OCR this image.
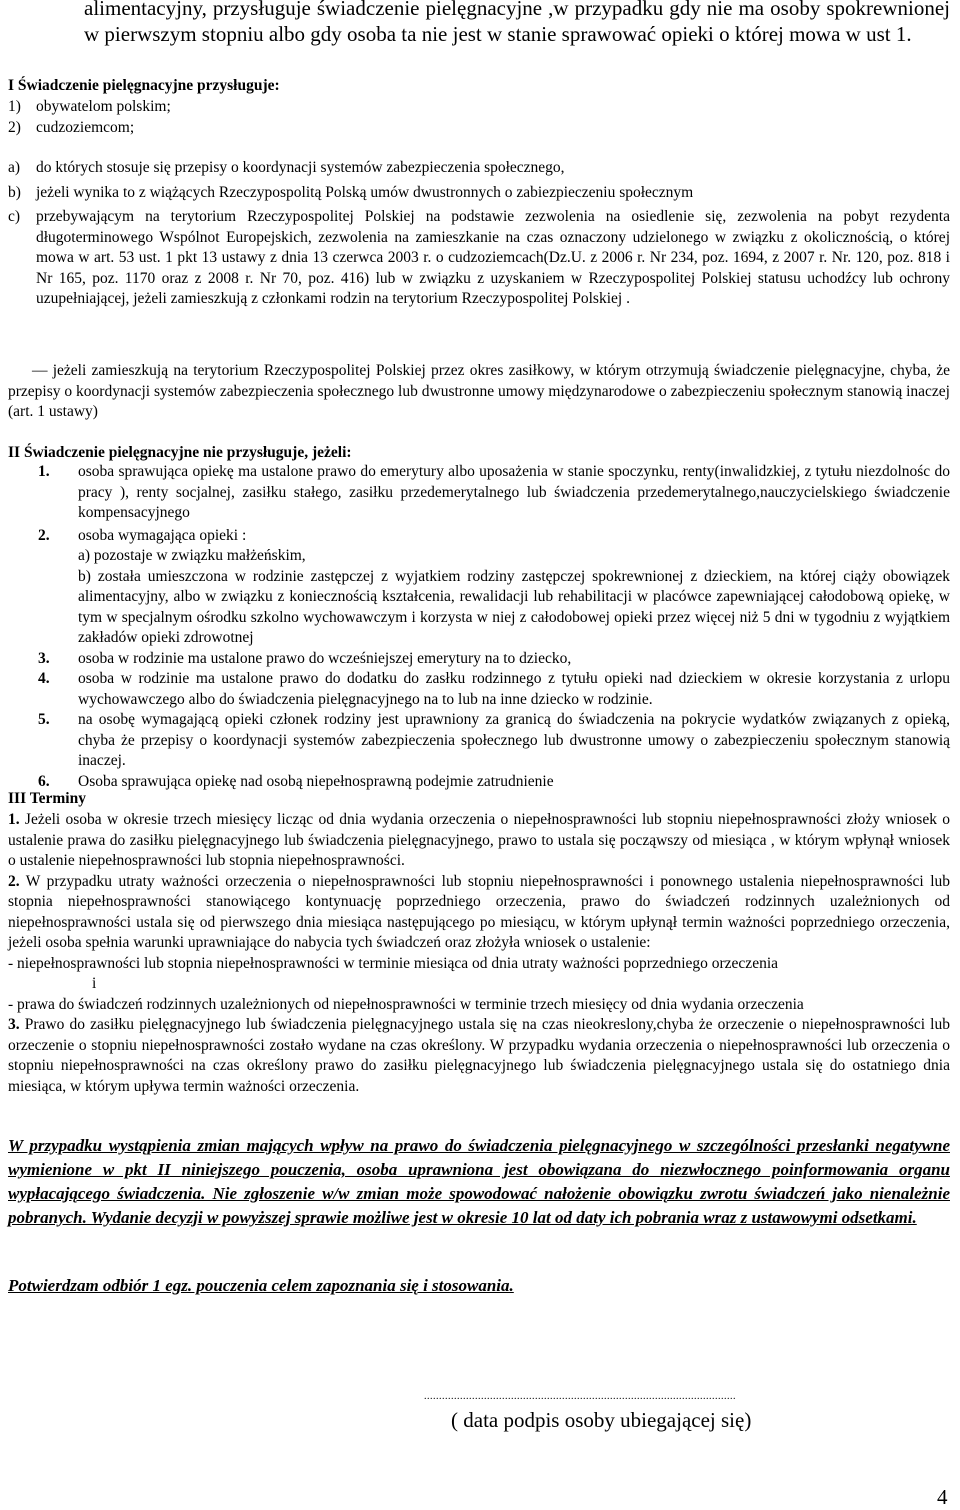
alimentacyjny, przysługuje świadczenie pielęgnacyjne ,w przypadku gdy nie ma osoby spokrewnionej w pierwszym stopniu albo gdy osoba ta nie jest w stanie sprawować opieki o której mowa w ust 1.
I Świadczenie pielęgnacyjne przysługuje:
1) obywatelom polskim;
2) cudzoziemcom;
a)	do których stosuje się przepisy o koordynacji systemów zabezpieczenia społecznego,
b) jeżeli wynika to z wiążących Rzeczypospolitą Polską umów dwustronnych o zabiezpieczeniu społecznym
c)	przebywającym na terytorium Rzeczypospolitej Polskiej na podstawie zezwolenia na osiedlenie się, zezwolenia na pobyt rezydenta długoterminowego Wspólnot Europejskich, zezwolenia na zamieszkanie na czas oznaczony udzielonego w związku z okolicznością, o której mowa w art. 53 ust. 1 pkt 13 ustawy z dnia 13 czerwca 2003 r. o cudzoziemcach(Dz.U. z 2006 r. Nr 234, poz. 1694, z 2007 r. Nr. 120, poz. 818 i Nr 165, poz. 1170 oraz z 2008 r. Nr 70, poz. 416) lub w związku z uzyskaniem w Rzeczypospolitej Polskiej statusu uchodźcy lub ochrony uzupełniającej, jeżeli zamieszkują z członkami rodzin na terytorium Rzeczypospolitej Polskiej .
— jeżeli zamieszkują na terytorium Rzeczypospolitej Polskiej przez okres zasiłkowy, w którym otrzymują świadczenie pielęgnacyjne, chyba, że przepisy o koordynacji systemów zabezpieczenia społecznego lub dwustronne umowy międzynarodowe o zabezpieczeniu społecznym stanowią inaczej (art. 1 ustawy)
II Świadczenie pielęgnacyjne nie przysługuje, jeżeli:
1.	osoba sprawująca opiekę ma ustalone prawo do emerytury albo uposażenia w stanie spoczynku, renty(inwalidzkiej, z tytułu niezdolnośc do pracy ), renty socjalnej, zasiłku stałego, zasiłku przedemerytalnego lub świadczenia przedemerytalnego,nauczycielskiego świadczenie kompensacyjnego
2.	osoba wymagająca opieki :
a) pozostaje w związku małżeńskim,
b) została umieszczona w rodzinie zastępczej z wyjatkiem rodziny zastępczej spokrewnionej z dzieckiem, na której ciąży obowiązek alimentacyjny, albo w związku z koniecznością kształcenia, rewalidacji lub rehabilitacji w placówce zapewniającej całodobową opiekę, w tym w specjalnym ośrodku szkolno wychowawczym i korzysta w niej z całodobowej opieki przez więcej niż 5 dni w tygodniu z wyjątkiem zakładów opieki zdrowotnej
3.	osoba w rodzinie ma ustalone prawo do wcześniejszej emerytury na to dziecko,
4.	osoba w rodzinie ma ustalone prawo do dodatku do zasłku rodzinnego z tytułu opieki nad dzieckiem w okresie korzystania z urlopu wychowawczego albo do świadczenia pielęgnacyjnego na to lub na inne dziecko w rodzinie.
5.	na osobę wymagającą opieki członek rodziny jest uprawniony za granicą do świadczenia na pokrycie wydatków związanych z opieką, chyba że przepisy o koordynacji systemów zabezpieczenia społecznego lub dwustronne umowy o zabezpieczeniu społecznym stanowią inaczej.
6.	Osoba sprawująca opiekę nad osobą niepełnosprawną podejmie zatrudnienie
III Terminy
1. Jeżeli osoba w okresie trzech miesięcy licząc od dnia wydania orzeczenia o niepełnosprawności lub stopniu niepełnosprawności złoży wniosek o ustalenie prawa do zasiłku pielęgnacyjnego lub świadczenia pielęgnacyjnego, prawo to ustala się począwszy od miesiąca , w którym wpłynął wniosek o ustalenie niepełnosprawności lub stopnia niepełnosprawności.
2. W przypadku utraty ważności orzeczenia o niepełnosprawności lub stopniu niepełnosprawności i ponownego ustalenia niepełnosprawności lub stopnia niepełnosprawności stanowiącego kontynuację poprzedniego orzeczenia, prawo do świadczeń rodzinnych uzależnionych od niepełnosprawności ustala się od pierwszego dnia miesiąca następującego po miesiącu, w którym upłynął termin ważności poprzedniego orzeczenia, jeżeli osoba spełnia warunki uprawniające do nabycia tych świadczeń oraz złożyła wniosek o ustalenie:
- niepełnosprawności lub stopnia niepełnosprawności w terminie miesiąca od dnia utraty ważności poprzedniego orzeczenia
i
- prawa do świadczeń rodzinnych uzależnionych od niepełnosprawności w terminie trzech miesięcy od dnia wydania orzeczenia
3. Prawo do zasiłku pielęgnacyjnego lub świadczenia pielęgnacyjnego ustala się na czas nieokreslony,chyba że orzeczenie o niepełnosprawności lub orzeczenie o stopniu niepełnosprawności zostało wydane na czas określony. W przypadku wydania orzeczenia o niepełnosprawności lub orzeczenia o stopniu niepełnosprawności na czas określony prawo do zasiłku pielęgnacyjnego lub świadczenia pielęgnacyjnego ustala się do ostatniego dnia miesiąca, w którym upływa termin ważności orzeczenia.
W przypadku wystąpienia zmian mających wpływ na prawo do świadczenia pielęgnacyjnego w szczególności przesłanki negatywne wymienione w pkt II niniejszego pouczenia, osoba uprawniona jest obowiązana do niezwłocznego poinformowania organu wypłacającego świadczenia. Nie zgłoszenie w/w zmian może spowodować nałożenie obowiązku zwrotu świadczeń jako nienależnie pobranych. Wydanie decyzji w powyższej sprawie możliwe jest w okresie 10 lat od daty ich pobrania wraz z ustawowymi odsetkami.
Potwierdzam odbiór 1 egz. pouczenia celem zapoznania się i stosowania.
........................................................................................................
( data podpis osoby ubiegającej się)
4
